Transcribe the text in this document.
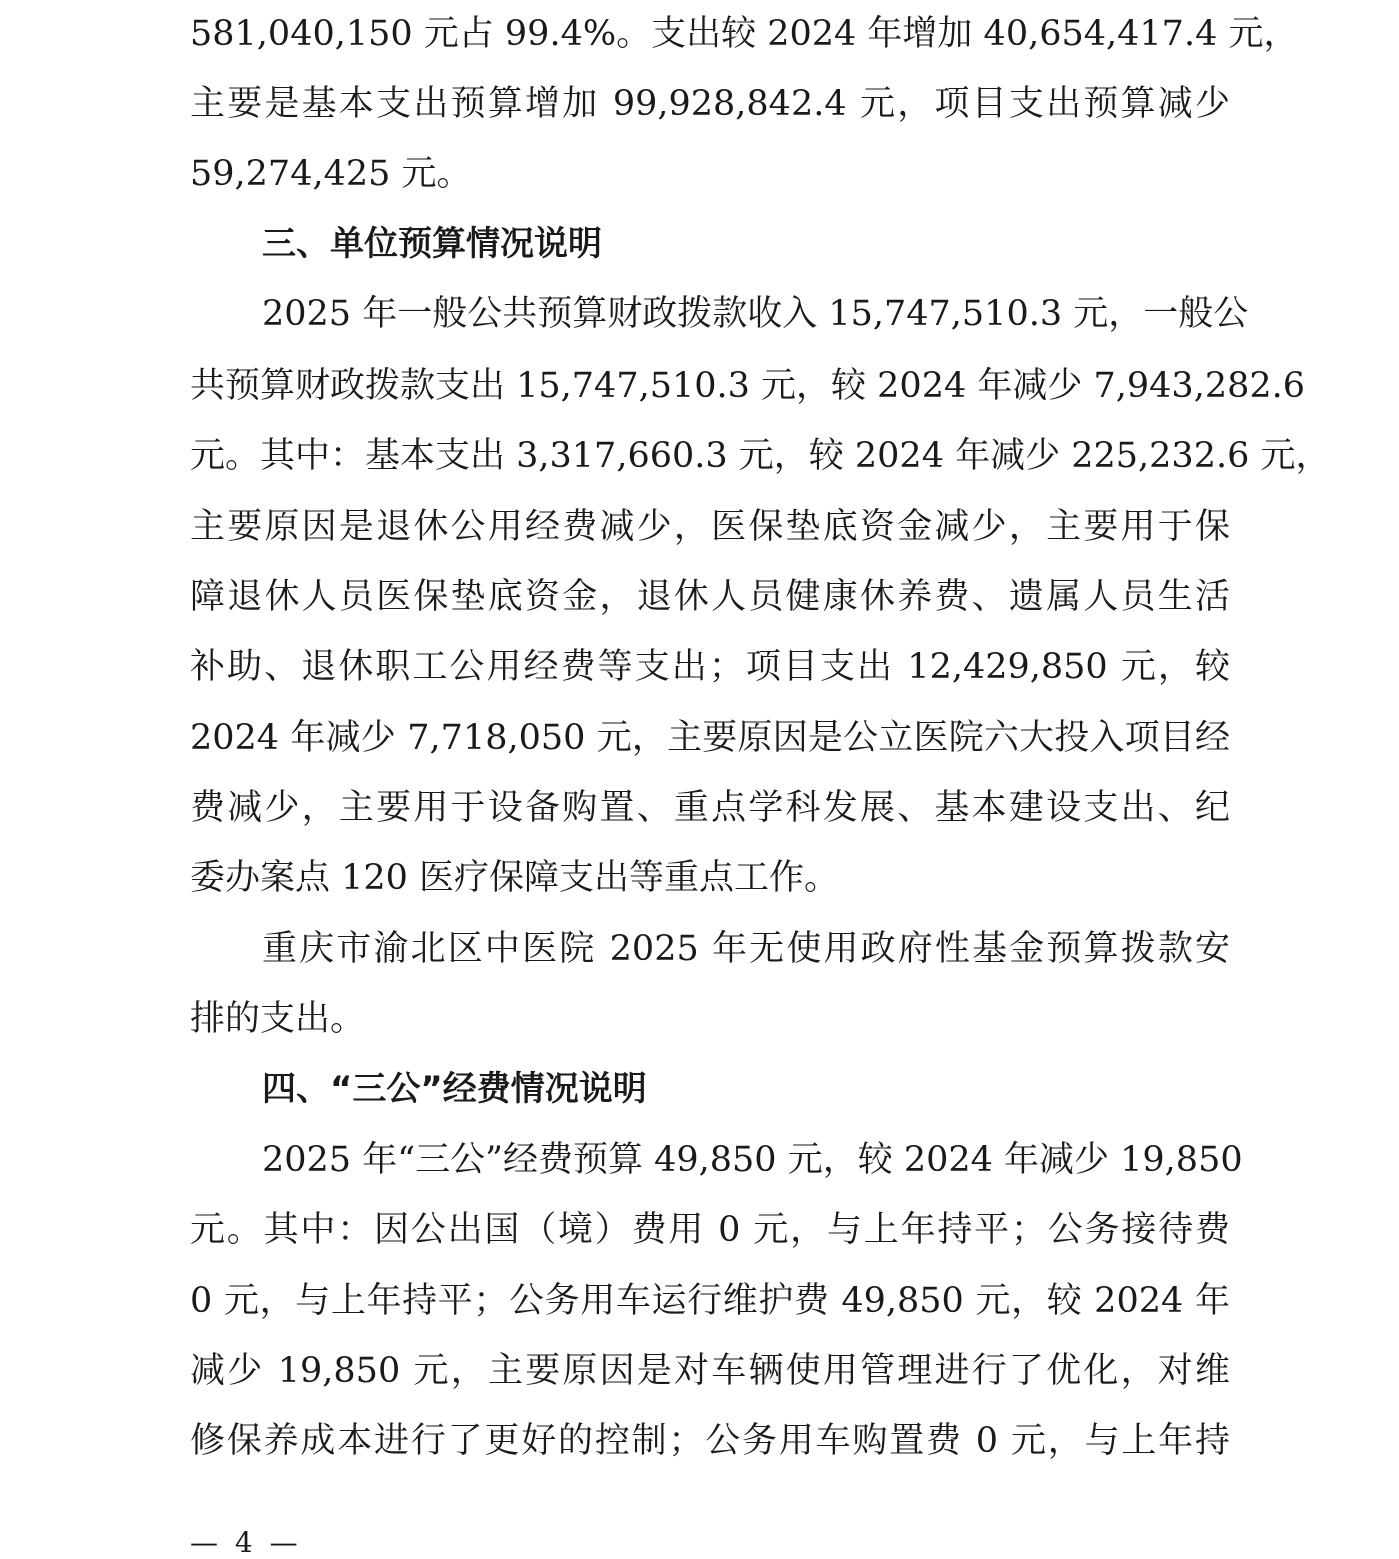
581,040,150 元占 99.4%。支出较 2024 年增加 40,654,417.4 元，
主要是基本支出预算增加 99,928,842.4 元，项目支出预算减少
59,274,425 元。
三、单位预算情况说明
2025 年一般公共预算财政拨款收入 15,747,510.3 元，一般公
共预算财政拨款支出 15,747,510.3 元，较 2024 年减少 7,943,282.6
元。其中：基本支出 3,317,660.3 元，较 2024 年减少 225,232.6 元，
主要原因是退休公用经费减少，医保垫底资金减少，主要用于保
障退休人员医保垫底资金，退休人员健康休养费、遗属人员生活
补助、退休职工公用经费等支出；项目支出 12,429,850 元，较
2024 年减少 7,718,050 元，主要原因是公立医院六大投入项目经
费减少，主要用于设备购置、重点学科发展、基本建设支出、纪
委办案点 120 医疗保障支出等重点工作。
重庆市渝北区中医院 2025 年无使用政府性基金预算拨款安
排的支出。
四、“三公”经费情况说明
2025 年“三公”经费预算 49,850 元，较 2024 年减少 19,850
元。其中：因公出国（境）费用 0 元，与上年持平；公务接待费
0 元，与上年持平；公务用车运行维护费 49,850 元，较 2024 年
减少 19,850 元，主要原因是对车辆使用管理进行了优化，对维
修保养成本进行了更好的控制；公务用车购置费 0 元，与上年持
— 4 —
